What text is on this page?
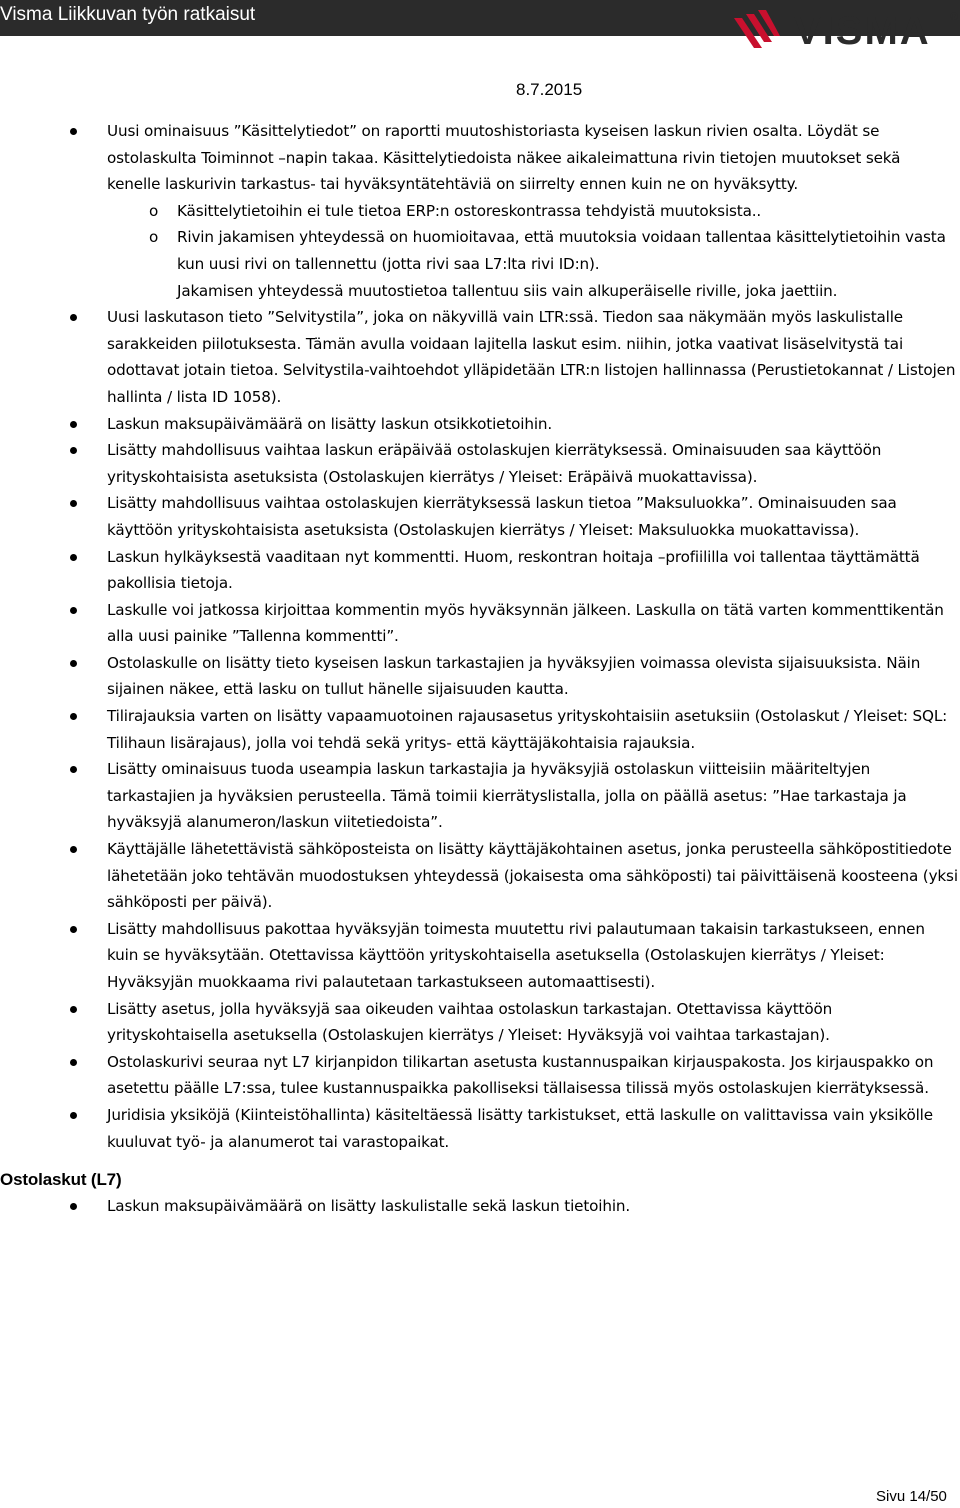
Visma Liikkuvan työn ratkaisut	VISMA ®
8.7.2015
Uusi ominaisuus ”Käsittelytiedot” on raportti muutoshistoriasta kyseisen laskun rivien osalta. Löydät se ostolaskulta Toiminnot –napin takaa. Käsittelytiedoista näkee aikaleimattuna rivin tietojen muutokset sekä kenelle laskurivin tarkastus- tai hyväksyntätehtäviä on siirrelty ennen kuin ne on hyväksytty.
o Käsittelytietoihin ei tule tietoa ERP:n ostoreskontrassa tehdyistä muutoksista..
o Rivin jakamisen yhteydessä on huomioitavaa, että muutoksia voidaan tallentaa käsittelytietoihin vasta kun uusi rivi on tallennettu (jotta rivi saa L7:lta rivi ID:n).
Jakamisen yhteydessä muutostietoa tallentuu siis vain alkuperäiselle riville, joka jaettiin.
Uusi laskutason tieto ”Selvitystila”, joka on näkyvillä vain LTR:ssä. Tiedon saa näkymään myös laskulistalle sarakkeiden piilotuksesta. Tämän avulla voidaan lajitella laskut esim. niihin, jotka vaativat lisäselvitystä tai odottavat jotain tietoa. Selvitystila-vaihtoehdot ylläpidetään LTR:n listojen hallinnassa (Perustietokannat / Listojen hallinta / lista ID 1058).
Laskun maksupäivämäärä on lisätty laskun otsikkotietoihin.
Lisätty mahdollisuus vaihtaa laskun eräpäivää ostolaskujen kierrätyksessä. Ominaisuuden saa käyttöön yrityskohtaisista asetuksista (Ostolaskujen kierrätys / Yleiset: Eräpäivä muokattavissa).
Lisätty mahdollisuus vaihtaa ostolaskujen kierrätyksessä laskun tietoa ”Maksuluokka”. Ominaisuuden saa käyttöön yrityskohtaisista asetuksista (Ostolaskujen kierrätys / Yleiset: Maksuluokka muokattavissa).
Laskun hylkäyksestä vaaditaan nyt kommentti. Huom, reskontran hoitaja –profiililla voi tallentaa täyttämättä pakollisia tietoja.
Laskulle voi jatkossa kirjoittaa kommentin myös hyväksynnän jälkeen. Laskulla on tätä varten kommenttikentän alla uusi painike ”Tallenna kommentti”.
Ostolaskulle on lisätty tieto kyseisen laskun tarkastajien ja hyväksyjien voimassa olevista sijaisuuksista. Näin sijainen näkee, että lasku on tullut hänelle sijaisuuden kautta.
Tilirajauksia varten on lisätty vapaamuotoinen rajausasetus yrityskohtaisiin asetuksiin (Ostolaskut / Yleiset: SQL: Tilihaun lisärajaus), jolla voi tehdä sekä yritys- että käyttäjäkohtaisia rajauksia.
Lisätty ominaisuus tuoda useampia laskun tarkastajia ja hyväksyjiä ostolaskun viitteisiin määriteltyjen tarkastajien ja hyväksien perusteella. Tämä toimii kierrätyslistalla, jolla on päällä asetus: ”Hae tarkastaja ja hyväksyjä alanumeron/laskun viitetiedoista”.
Käyttäjälle lähetettävistä sähköposteista on lisätty käyttäjäkohtainen asetus, jonka perusteella sähköpostitiedote lähetetään joko tehtävän muodostuksen yhteydessä (jokaisesta oma sähköposti) tai päivittäisenä koosteena (yksi sähköposti per päivä).
Lisätty mahdollisuus pakottaa hyväksyjän toimesta muutettu rivi palautumaan takaisin tarkastukseen, ennen kuin se hyväksytään. Otettavissa käyttöön yrityskohtaisella asetuksella (Ostolaskujen kierrätys / Yleiset: Hyväksyjän muokkaama rivi palautetaan tarkastukseen automaattisesti).
Lisätty asetus, jolla hyväksyjä saa oikeuden vaihtaa ostolaskun tarkastajan. Otettavissa käyttöön yrityskohtaisella asetuksella (Ostolaskujen kierrätys / Yleiset: Hyväksyjä voi vaihtaa tarkastajan).
Ostolaskurivi seuraa nyt L7 kirjanpidon tilikartan asetusta kustannuspaikan kirjauspakosta. Jos kirjauspakko on asetettu päälle L7:ssa, tulee kustannuspaikka pakolliseksi tällaisessa tilissä myös ostolaskujen kierrätyksessä.
Juridisia yksiköjä (Kiinteistöhallinta) käsiteltäessä lisätty tarkistukset, että laskulle on valittavissa vain yksikölle kuuluvat työ- ja alanumerot tai varastopaikat.
Ostolaskut (L7)
Laskun maksupäivämäärä on lisätty laskulistalle sekä laskun tietoihin.
Sivu 14/50
